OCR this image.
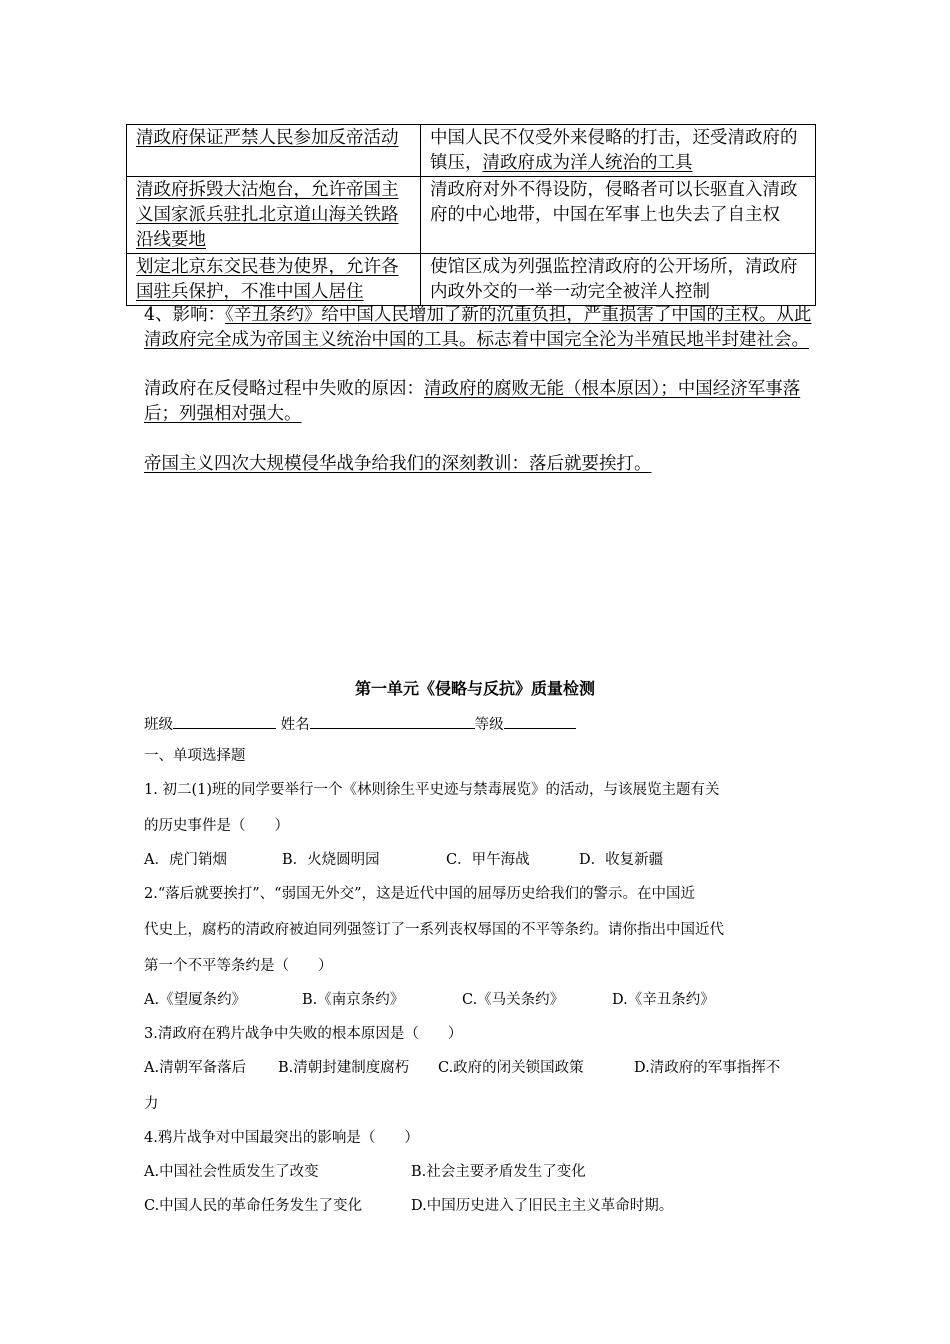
清政府保证严禁人民参加反帝活动	中国人民不仅受外来侵略的打击，还受清政府的镇压，清政府成为洋人统治的工具
清政府拆毁大沽炮台，允许帝国主义国家派兵驻扎北京道山海关铁路沿线要地	清政府对外不得设防，侵略者可以长驱直入清政府的中心地带，中国在军事上也失去了自主权
划定北京东交民巷为使界，允许各国驻兵保护，不准中国人居住	使馆区成为列强监控清政府的公开场所，清政府内政外交的一举一动完全被洋人控制
4、影响：《辛丑条约》给中国人民增加了新的沉重负担，严重损害了中国的主权。从此清政府完全成为帝国主义统治中国的工具。标志着中国完全沦为半殖民地半封建社会。
清政府在反侵略过程中失败的原因：清政府的腐败无能（根本原因）；中国经济军事落后；列强相对强大。
帝国主义四次大规模侵华战争给我们的深刻教训：落后就要挨打。
第一单元《侵略与反抗》质量检测
班级	姓名	等级
一、单项选择题
1. 初二(1)班的同学要举行一个《林则徐生平史迹与禁毒展览》的活动，与该展览主题有关
的历史事件是（　　）
A．虎门销烟	B．火烧圆明园	C．甲午海战	D．收复新疆
2.“落后就要挨打”、“弱国无外交”，这是近代中国的屈辱历史给我们的警示。在中国近
代史上，腐朽的清政府被迫同列强签订了一系列丧权辱国的不平等条约。请你指出中国近代
第一个不平等条约是（　　）
A.《望厦条约》	B.《南京条约》	C.《马关条约》	D.《辛丑条约》
3.清政府在鸦片战争中失败的根本原因是（　　）
A.清朝军备落后 B.清朝封建制度腐朽 C.政府的闭关锁国政策	D.清政府的军事指挥不
力
4.鸦片战争对中国最突出的影响是（　　）
A.中国社会性质发生了改变	B.社会主要矛盾发生了变化
C.中国人民的革命任务发生了变化	D.中国历史进入了旧民主主义革命时期。
